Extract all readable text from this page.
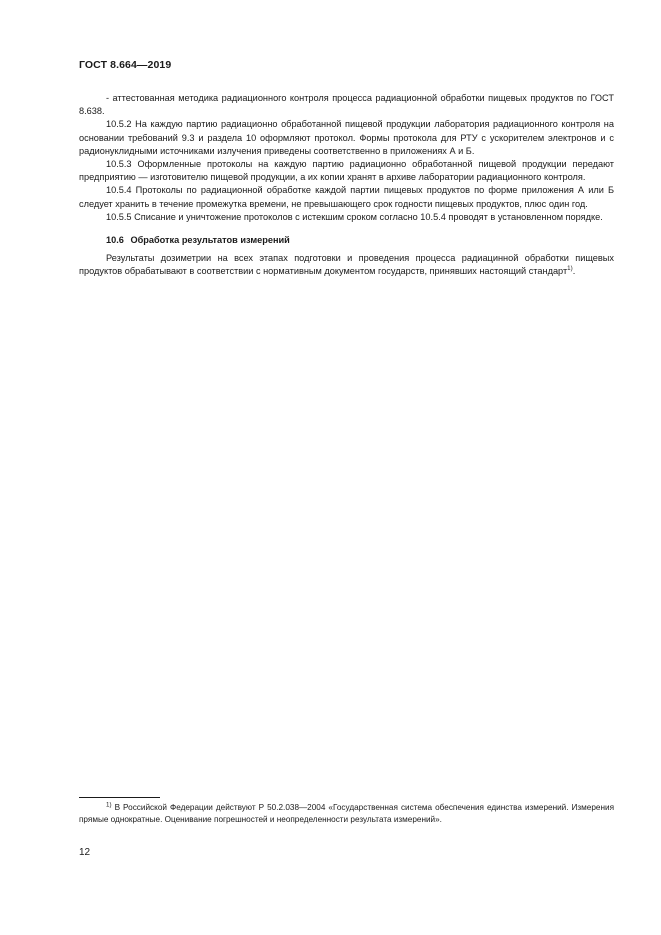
ГОСТ 8.664—2019

- аттестованная методика радиационного контроля процесса радиационной обработки пищевых продуктов по ГОСТ 8.638.

10.5.2 На каждую партию радиационно обработанной пищевой продукции лаборатория радиационного контроля на основании требований 9.3 и раздела 10 оформляют протокол. Формы протокола для РТУ с ускорителем электронов и с радионуклидными источниками излучения приведены соответственно в приложениях А и Б.

10.5.3 Оформленные протоколы на каждую партию радиационно обработанной пищевой продукции передают предприятию — изготовителю пищевой продукции, а их копии хранят в архиве лаборатории радиационного контроля.

10.5.4 Протоколы по радиационной обработке каждой партии пищевых продуктов по форме приложения А или Б следует хранить в течение промежутка времени, не превышающего срок годности пищевых продуктов, плюс один год.

10.5.5 Списание и уничтожение протоколов с истекшим сроком согласно 10.5.4 проводят в установленном порядке.

10.6 Обработка результатов измерений

Результаты дозиметрии на всех этапах подготовки и проведения процесса радиацинной обработки пищевых продуктов обрабатывают в соответствии с нормативным документом государств, принявших настоящий стандарт$^{1)}$.

$^{1)}$ В Российской Федерации действуют Р 50.2.038—2004 «Государственная система обеспечения единства измерений. Измерения прямые однократные. Оценивание погрешностей и неопределенности результата измерений».

12
